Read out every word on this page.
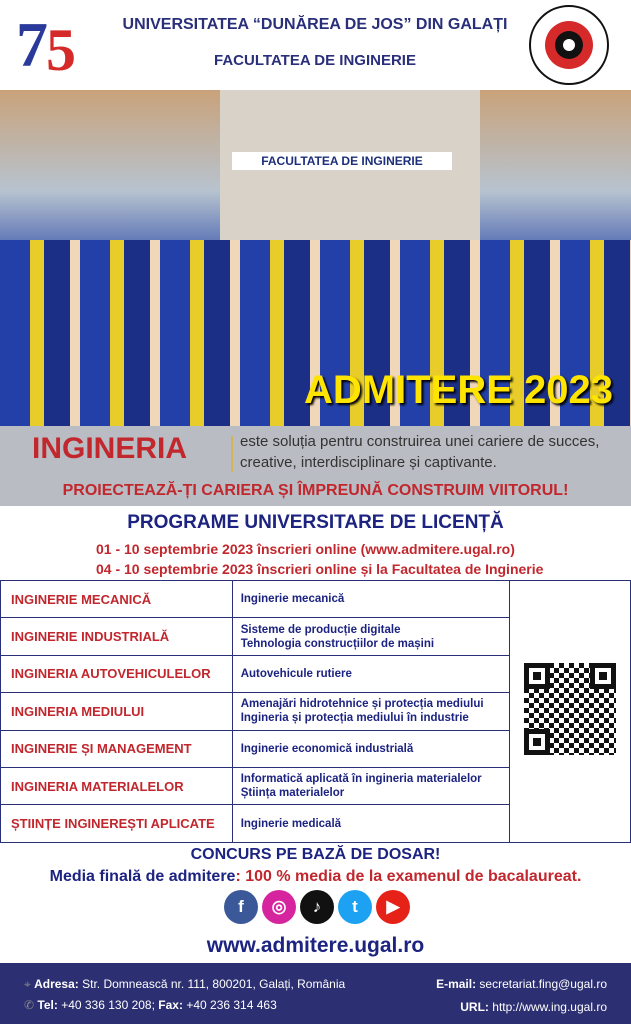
7
5	UNIVERSITATEA “DUNĂREA DE JOS” DIN GALAȚI
FACULTATEA DE INGINERIE
FACULTATEA DE INGINERIE
ADMITERE 2023
INGINERIA	este soluția pentru construirea unei cariere de succes, creative, interdisciplinare și captivante.
PROIECTEAZĂ-ȚI CARIERA ȘI ÎMPREUNĂ CONSTRUIM VIITORUL!
PROGRAME UNIVERSITARE DE LICENȚĂ
01 - 10 septembrie 2023 înscrieri online (www.admitere.ugal.ro)
04 - 10 septembrie 2023 înscrieri online și la Facultatea de Inginerie
INGINERIE MECANICĂ	Inginerie mecanică	

INGINERIE INDUSTRIALĂ	Sisteme de producție digitale
Tehnologia construcțiilor de mașini	

INGINERIA AUTOVEHICULELOR	Autovehicule rutiere	

INGINERIA MEDIULUI	Amenajări hidrotehnice și protecția mediului
Ingineria și protecția mediului în industrie	

INGINERIE ȘI MANAGEMENT	Inginerie economică industrială	

INGINERIA MATERIALELOR	Informatică aplicată în ingineria materialelor
Știința materialelor	

ȘTIINȚE INGINEREȘTI APLICATE	Inginerie medicală	
CONCURS PE BAZĂ DE DOSAR!
Media finală de admitere: 100 % media de la examenul de bacalaureat.
f	◎	♪	t	▶
www.admitere.ugal.ro
⌖ Adresa: Str. Domnească nr. 111, 800201, Galați, România
✆ Tel: +40 336 130 208; Fax: +40 236 314 463
E-mail: secretariat.fing@ugal.ro
URL: http://www.ing.ugal.ro
